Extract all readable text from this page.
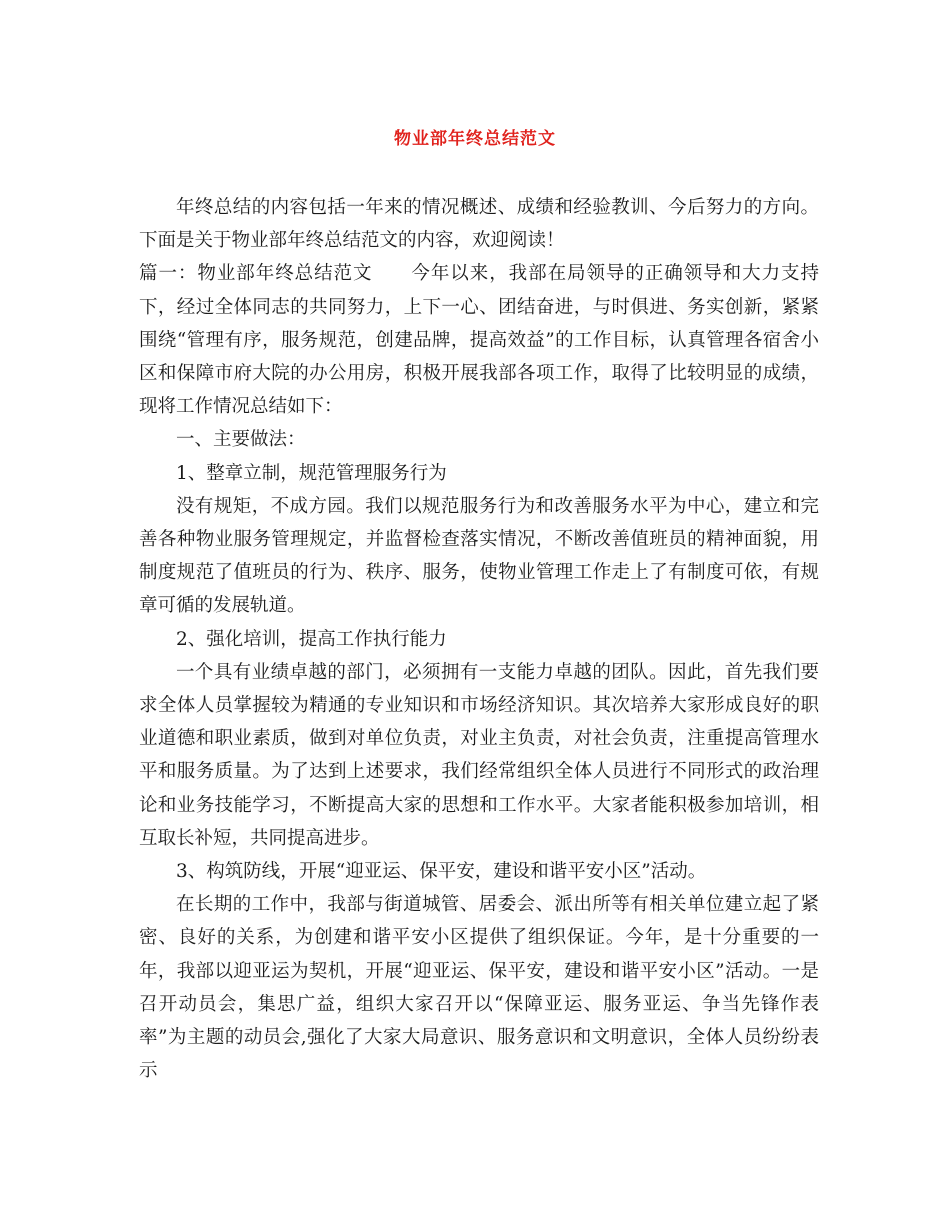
物业部年终总结范文

年终总结的内容包括一年来的情况概述、成绩和经验教训、今后努力的方向。下面是关于物业部年终总结范文的内容，欢迎阅读！

篇一：物业部年终总结范文　　今年以来，我部在局领导的正确领导和大力支持下，经过全体同志的共同努力，上下一心、团结奋进，与时俱进、务实创新，紧紧围绕“管理有序，服务规范，创建品牌，提高效益”的工作目标，认真管理各宿舍小区和保障市府大院的办公用房，积极开展我部各项工作，取得了比较明显的成绩，现将工作情况总结如下：

一、主要做法：

1、整章立制，规范管理服务行为

没有规矩，不成方园。我们以规范服务行为和改善服务水平为中心，建立和完善各种物业服务管理规定，并监督检查落实情况，不断改善值班员的精神面貌，用制度规范了值班员的行为、秩序、服务，使物业管理工作走上了有制度可依，有规章可循的发展轨道。

2、强化培训，提高工作执行能力

一个具有业绩卓越的部门，必须拥有一支能力卓越的团队。因此，首先我们要求全体人员掌握较为精通的专业知识和市场经济知识。其次培养大家形成良好的职业道德和职业素质，做到对单位负责，对业主负责，对社会负责，注重提高管理水平和服务质量。为了达到上述要求，我们经常组织全体人员进行不同形式的政治理论和业务技能学习，不断提高大家的思想和工作水平。大家者能积极参加培训，相互取长补短，共同提高进步。

3、构筑防线，开展“迎亚运、保平安，建设和谐平安小区”活动。

在长期的工作中，我部与街道城管、居委会、派出所等有相关单位建立起了紧密、良好的关系，为创建和谐平安小区提供了组织保证。今年，是十分重要的一年，我部以迎亚运为契机，开展“迎亚运、保平安，建设和谐平安小区”活动。一是召开动员会，集思广益，组织大家召开以“保障亚运、服务亚运、争当先锋作表率”为主题的动员会,强化了大家大局意识、服务意识和文明意识，全体人员纷纷表示
